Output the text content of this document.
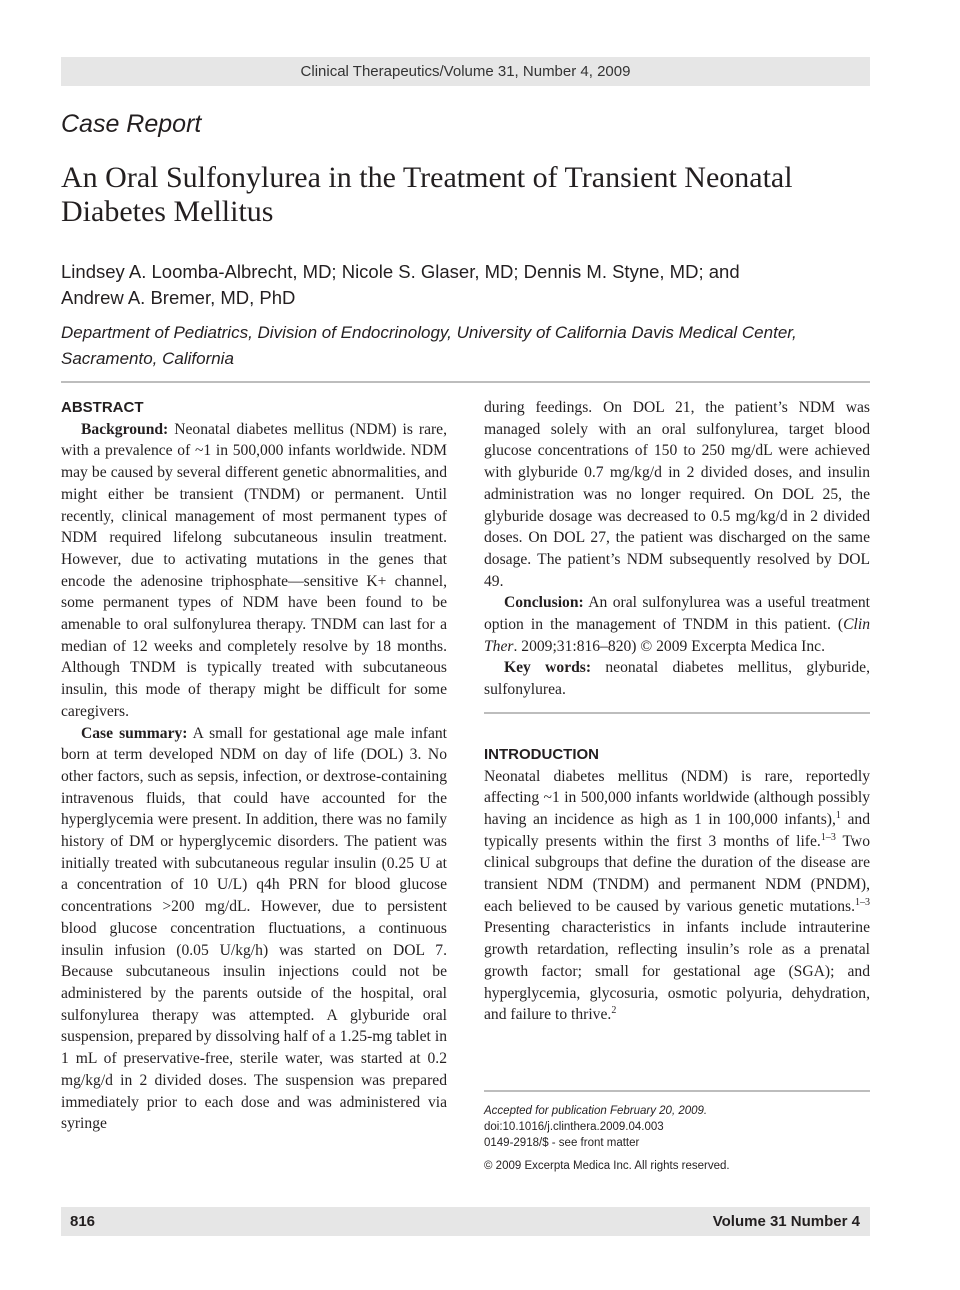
Clinical Therapeutics/Volume 31, Number 4, 2009
Case Report
An Oral Sulfonylurea in the Treatment of Transient Neonatal Diabetes Mellitus
Lindsey A. Loomba-Albrecht, MD; Nicole S. Glaser, MD; Dennis M. Styne, MD; and
Andrew A. Bremer, MD, PhD
Department of Pediatrics, Division of Endocrinology, University of California Davis Medical Center,
Sacramento, California
ABSTRACT

Background: Neonatal diabetes mellitus (NDM) is rare, with a prevalence of ~1 in 500,000 infants worldwide. NDM may be caused by several different genetic abnormalities, and might either be transient (TNDM) or permanent. Until recently, clinical management of most permanent types of NDM required lifelong subcutaneous insulin treatment. However, due to activating mutations in the genes that encode the adenosine triphosphate—sensitive K+ channel, some permanent types of NDM have been found to be amenable to oral sulfonylurea therapy. TNDM can last for a median of 12 weeks and completely resolve by 18 months. Although TNDM is typically treated with subcutaneous insulin, this mode of therapy might be difficult for some caregivers.

Case summary: A small for gestational age male infant born at term developed NDM on day of life (DOL) 3. No other factors, such as sepsis, infection, or dextrose-containing intravenous fluids, that could have accounted for the hyperglycemia were present. In addition, there was no family history of DM or hyperglycemic disorders. The patient was initially treated with subcutaneous regular insulin (0.25 U at a concentration of 10 U/L) q4h PRN for blood glucose concentrations >200 mg/dL. However, due to persistent blood glucose concentration fluctuations, a continuous insulin infusion (0.05 U/kg/h) was started on DOL 7. Because subcutaneous insulin injections could not be administered by the parents outside of the hospital, oral sulfonylurea therapy was attempted. A glyburide oral suspension, prepared by dissolving half of a 1.25-mg tablet in 1 mL of preservative-free, sterile water, was started at 0.2 mg/kg/d in 2 divided doses. The suspension was prepared immediately prior to each dose and was administered via syringe

during feedings. On DOL 21, the patient’s NDM was managed solely with an oral sulfonylurea, target blood glucose concentrations of 150 to 250 mg/dL were achieved with glyburide 0.7 mg/kg/d in 2 divided doses, and insulin administration was no longer required. On DOL 25, the glyburide dosage was decreased to 0.5 mg/kg/d in 2 divided doses. On DOL 27, the patient was discharged on the same dosage. The patient’s NDM subsequently resolved by DOL 49.

Conclusion: An oral sulfonylurea was a useful treatment option in the management of TNDM in this patient. (Clin Ther. 2009;31:816–820) © 2009 Excerpta Medica Inc.

Key words: neonatal diabetes mellitus, glyburide, sulfonylurea.

INTRODUCTION

Neonatal diabetes mellitus (NDM) is rare, reportedly affecting ~1 in 500,000 infants worldwide (although possibly having an incidence as high as 1 in 100,000 infants),$^1$ and typically presents within the first 3 months of life.$^{1-3}$ Two clinical subgroups that define the duration of the disease are transient NDM (TNDM) and permanent NDM (PNDM), each believed to be caused by various genetic mutations.$^{1-3}$ Presenting characteristics in infants include intrauterine growth retardation, reflecting insulin’s role as a prenatal growth factor; small for gestational age (SGA); and hyperglycemia, glycosuria, osmotic polyuria, dehydration, and failure to thrive.$^2$

Accepted for publication February 20, 2009.
doi:10.1016/j.clinthera.2009.04.003
0149-2918/$ - see front matter
© 2009 Excerpta Medica Inc. All rights reserved.
816	Volume 31 Number 4
